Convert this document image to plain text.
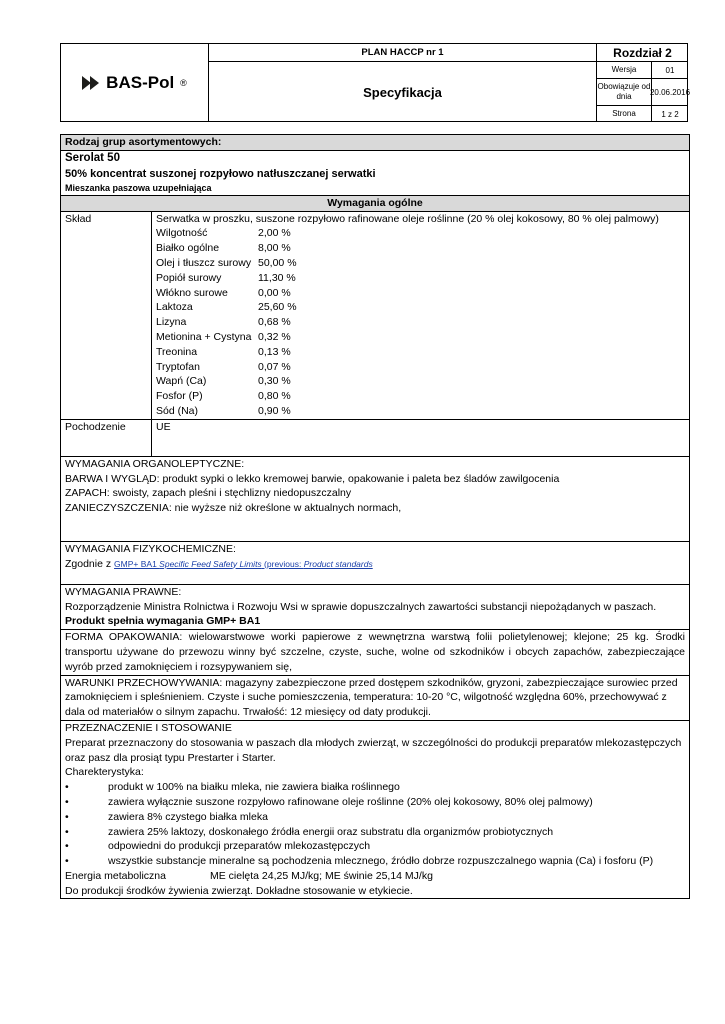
BAS-Pol ®
PLAN HACCP nr 1	Rozdział 2
Specyfikacja
Wersja	01
Obowiązuje od dnia	20.06.2016
Strona	1 z 2
Rodzaj grup asortymentowych:
Serolat 50
50% koncentrat suszonej rozpyłowo natłuszczanej serwatki
Mieszanka paszowa uzupełniająca
Wymagania ogólne
Skład	Serwatka w proszku, suszone rozpyłowo rafinowane oleje roślinne (20 % olej kokosowy, 80 % olej palmowy)
Wilgotność	2,00 %
Białko ogólne	8,00 %
Olej i tłuszcz surowy 50,00 %
Popiół surowy	11,30 %
Włókno surowe	0,00 %
Laktoza	25,60 %
Lizyna	0,68 %
Metionina + Cystyna 0,32 %
Treonina	0,13 %
Tryptofan	0,07 %
Wapń (Ca)	0,30 %
Fosfor (P)	0,80 %
Sód (Na)	0,90 %
Pochodzenie	UE
WYMAGANIA ORGANOLEPTYCZNE:
BARWA I WYGLĄD: produkt sypki o lekko kremowej barwie, opakowanie i paleta bez śladów zawilgocenia
ZAPACH: swoisty, zapach pleśni i stęchlizny niedopuszczalny
ZANIECZYSZCZENIA: nie wyższe niż określone w aktualnych normach,
WYMAGANIA FIZYKOCHEMICZNE:
Zgodnie z GMP+ BA1 Specific Feed Safety Limits (previous: Product standards
WYMAGANIA PRAWNE:
Rozporządzenie Ministra Rolnictwa i Rozwoju Wsi w sprawie dopuszczalnych zawartości substancji niepożądanych w paszach.
Produkt spełnia wymagania GMP+ BA1
FORMA OPAKOWANIA: wielowarstwowe worki papierowe z wewnętrzna warstwą folii polietylenowej; klejone; 25 kg. Środki transportu używane do przewozu winny być szczelne, czyste, suche, wolne od szkodników i obcych zapachów, zabezpieczające wyrób przed zamoknięciem i rozsypywaniem się,
WARUNKI PRZECHOWYWANIA: magazyny zabezpieczone przed dostępem szkodników, gryzoni, zabezpieczające surowiec przed zamoknięciem i spleśnieniem. Czyste i suche pomieszczenia, temperatura: 10-20 °C, wilgotność względna 60%, przechowywać z dala od materiałów o silnym zapachu. Trwałość: 12 miesięcy od daty produkcji.
PRZEZNACZENIE I STOSOWANIE
Preparat przeznaczony do stosowania w paszach dla młodych zwierząt, w szczególności do produkcji preparatów mlekozastępczych oraz pasz dla prosiąt typu Prestarter i Starter.
Charekterystyka:
•	produkt w 100% na białku mleka, nie zawiera białka roślinnego
•	zawiera wyłącznie suszone rozpyłowo rafinowane oleje roślinne (20% olej kokosowy, 80% olej palmowy)
•	zawiera 8% czystego białka mleka
•	zawiera 25% laktozy, doskonałego źródła energii oraz substratu dla organizmów probiotycznych
•	odpowiedni do produkcji przeparatów mlekozastępczych
•	wszystkie substancje mineralne są pochodzenia mlecznego, źródło dobrze rozpuszczalnego wapnia (Ca) i fosforu (P)
Energia metaboliczna	ME cielęta 24,25 MJ/kg; ME świnie 25,14 MJ/kg
Do produkcji środków żywienia zwierząt. Dokładne stosowanie w etykiecie.
